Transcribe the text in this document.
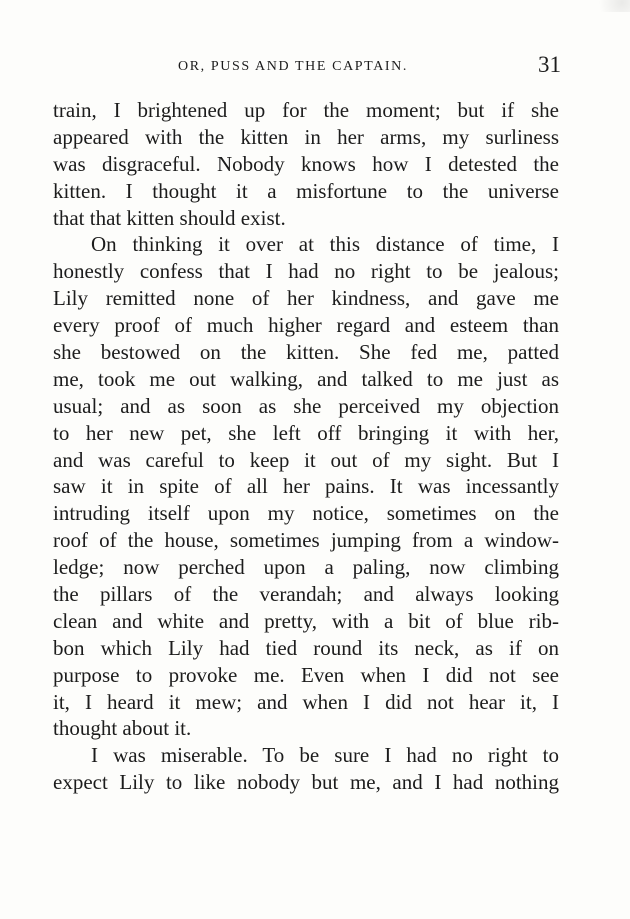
OR, PUSS AND THE CAPTAIN.	31
train, I brightened up for the moment; but if she
appeared with the kitten in her arms, my surliness
was disgraceful. Nobody knows how I detested the
kitten. I thought it a misfortune to the universe
that that kitten should exist.
On thinking it over at this distance of time, I
honestly confess that I had no right to be jealous;
Lily remitted none of her kindness, and gave me
every proof of much higher regard and esteem than
she bestowed on the kitten. She fed me, patted
me, took me out walking, and talked to me just as
usual; and as soon as she perceived my objection
to her new pet, she left off bringing it with her,
and was careful to keep it out of my sight. But I
saw it in spite of all her pains. It was incessantly
intruding itself upon my notice, sometimes on the
roof of the house, sometimes jumping from a window-
ledge; now perched upon a paling, now climbing
the pillars of the verandah; and always looking
clean and white and pretty, with a bit of blue rib-
bon which Lily had tied round its neck, as if on
purpose to provoke me. Even when I did not see
it, I heard it mew; and when I did not hear it, I
thought about it.
I was miserable. To be sure I had no right to
expect Lily to like nobody but me, and I had nothing
